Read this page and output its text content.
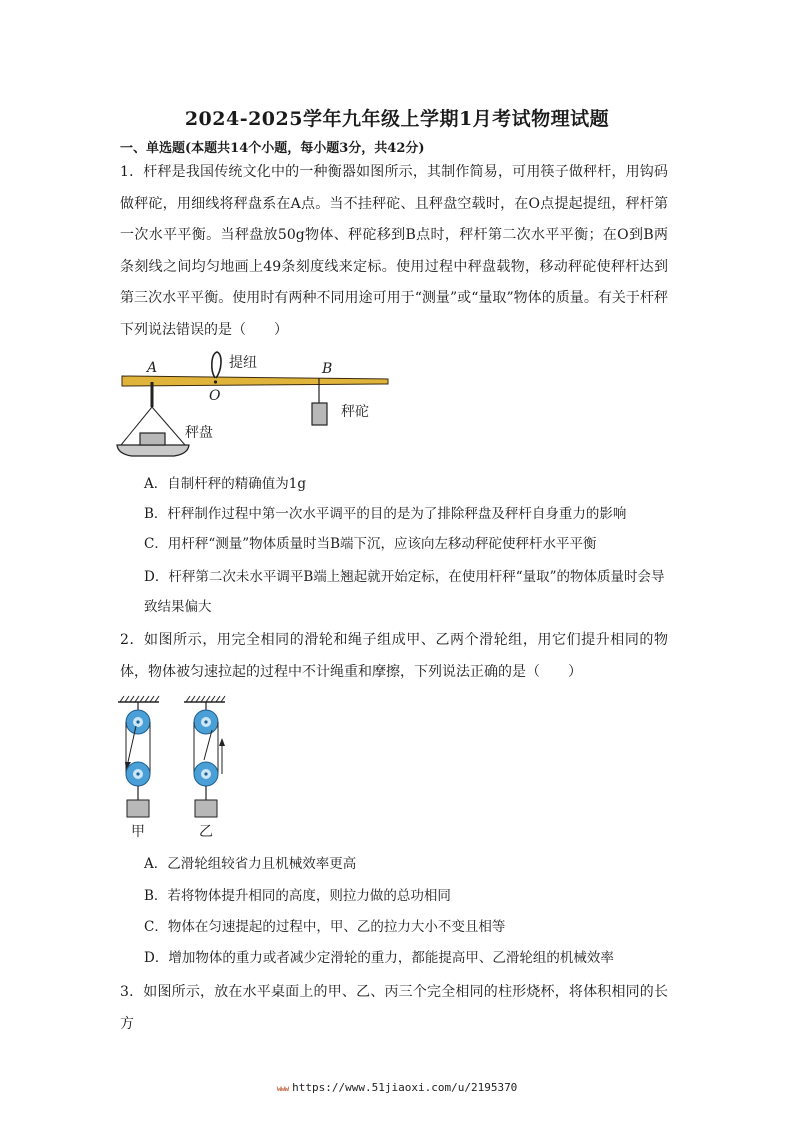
2024-2025学年九年级上学期1月考试物理试题
一、单选题(本题共14个小题，每小题3分，共42分)
1．杆秤是我国传统文化中的一种衡器如图所示，其制作简易，可用筷子做秤杆，用钩码做秤砣，用细线将秤盘系在A点。当不挂秤砣、且秤盘空载时，在O点提起提纽，秤杆第一次水平平衡。当秤盘放50g物体、秤砣移到B点时，秤杆第二次水平平衡；在O到B两条刻线之间均匀地画上49条刻度线来定标。使用过程中秤盘载物，移动秤砣使秤杆达到第三次水平平衡。使用时有两种不同用途可用于“测量”或“量取”物体的质量。有关于杆秤下列说法错误的是（　　）
A
O
B
提纽
秤砣
秤盘
A．自制杆秤的精确值为1g
B．杆秤制作过程中第一次水平调平的目的是为了排除秤盘及秤杆自身重力的影响
C．用杆秤“测量”物体质量时当B端下沉，应该向左移动秤砣使秤杆水平平衡
D．杆秤第二次未水平调平B端上翘起就开始定标，在使用杆秤“量取”的物体质量时会导致结果偏大
2．如图所示，用完全相同的滑轮和绳子组成甲、乙两个滑轮组，用它们提升相同的物体，物体被匀速拉起的过程中不计绳重和摩擦，下列说法正确的是（　　）
甲	乙
A．乙滑轮组较省力且机械效率更高
B．若将物体提升相同的高度，则拉力做的总功相同
C．物体在匀速提起的过程中，甲、乙的拉力大小不变且相等
D．增加物体的重力或者减少定滑轮的重力，都能提高甲、乙滑轮组的机械效率
3．如图所示，放在水平桌面上的甲、乙、丙三个完全相同的柱形烧杯，将体积相同的长方
www https://www.51jiaoxi.com/u/2195370
